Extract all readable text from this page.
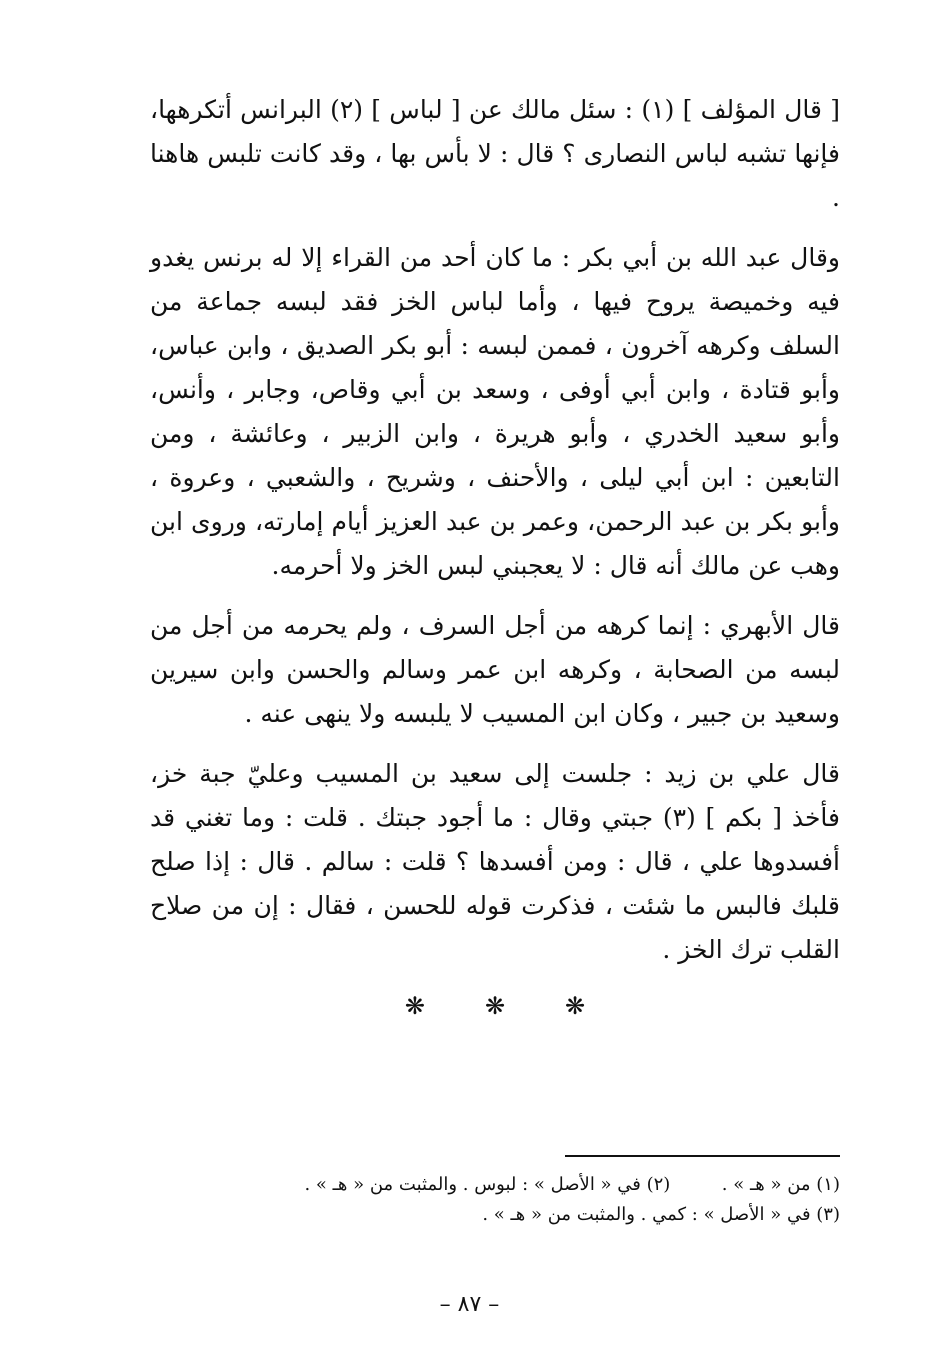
[ قال المؤلف ] (١) : سئل مالك عن [ لباس ] (٢) البرانس أتكرهها، فإنها تشبه لباس النصارى ؟ قال : لا بأس بها ، وقد كانت تلبس هاهنا .

وقال عبد الله بن أبي بكر : ما كان أحد من القراء إلا له برنس يغدو فيه وخميصة يروح فيها ، وأما لباس الخز فقد لبسه جماعة من السلف وكرهه آخرون ، فممن لبسه : أبو بكر الصديق ، وابن عباس، وأبو قتادة ، وابن أبي أوفى ، وسعد بن أبي وقاص، وجابر ، وأنس، وأبو سعيد الخدري ، وأبو هريرة ، وابن الزبير ، وعائشة ، ومن التابعين : ابن أبي ليلى ، والأحنف ، وشريح ، والشعبي ، وعروة ، وأبو بكر بن عبد الرحمن، وعمر بن عبد العزيز أيام إمارته، وروى ابن وهب عن مالك أنه قال : لا يعجبني لبس الخز ولا أحرمه.

قال الأبهري : إنما كرهه من أجل السرف ، ولم يحرمه من أجل من لبسه من الصحابة ، وكرهه ابن عمر وسالم والحسن وابن سيرين وسعيد بن جبير ، وكان ابن المسيب لا يلبسه ولا ينهى عنه .

قال علي بن زيد : جلست إلى سعيد بن المسيب وعليّ جبة خز، فأخذ [ بكم ] (٣) جبتي وقال : ما أجود جبتك . قلت : وما تغني قد أفسدوها علي ، قال : ومن أفسدها ؟ قلت : سالم . قال : إذا صلح قلبك فالبس ما شئت ، فذكرت قوله للحسن ، فقال : إن من صلاح القلب ترك الخز .

❋	❋	❋
(١) من « هـ » .  (٢) في « الأصل » : لبوس . والمثبت من « هـ » .
(٣) في « الأصل » : كمي . والمثبت من « هـ » .
– ٨٧ –
